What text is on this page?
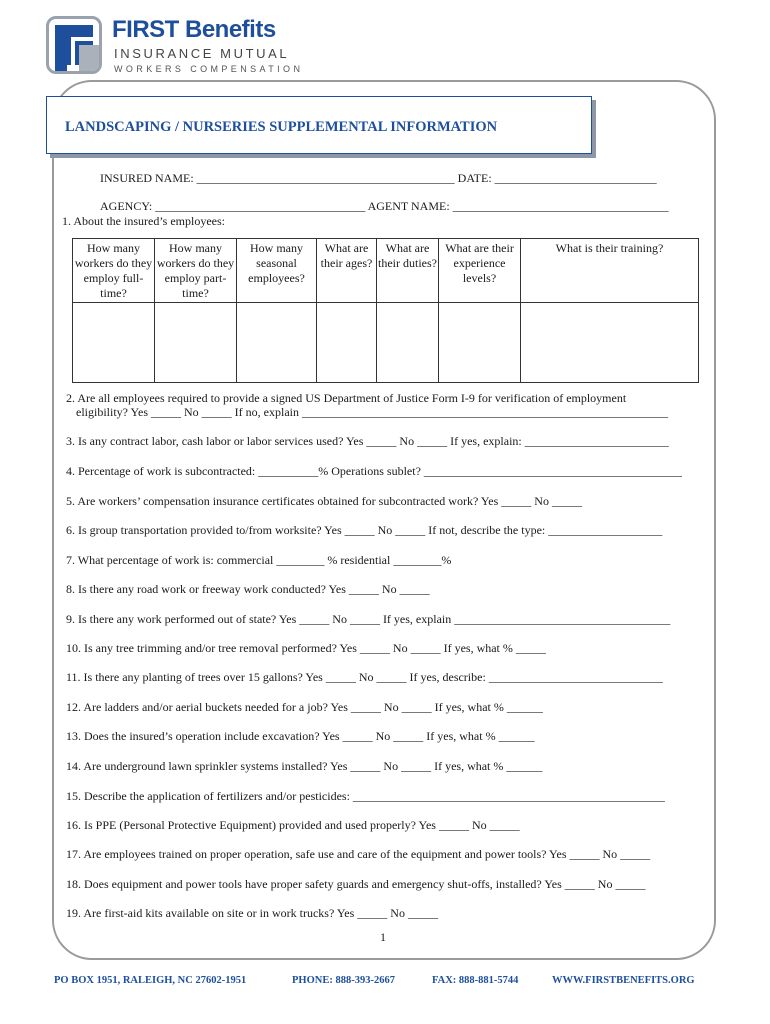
FIRST Benefits
INSURANCE MUTUAL
WORKERS COMPENSATION
LANDSCAPING / NURSERIES SUPPLEMENTAL INFORMATION
INSURED NAME: ___________________________________________ DATE: ___________________________
AGENCY: ___________________________________ AGENT NAME: ____________________________________
1. About the insured’s employees:
How many workers do they employ full-time?	How many workers do they employ part-time?	How many seasonal employees?	What are their ages?	What are their duties?	What are their experience levels?	What is their training?

2. Are all employees required to provide a signed US Department of Justice Form I-9 for verification of employment
eligibility? Yes _____ No _____ If no, explain _____________________________________________________________
3. Is any contract labor, cash labor or labor services used? Yes _____ No _____ If yes, explain: ________________________
4. Percentage of work is subcontracted: __________% Operations sublet? ___________________________________________
5. Are workers’ compensation insurance certificates obtained for subcontracted work? Yes _____ No _____
6. Is group transportation provided to/from worksite? Yes _____ No _____ If not, describe the type: ___________________
7. What percentage of work is: commercial ________ % residential ________%
8. Is there any road work or freeway work conducted? Yes _____ No _____
9. Is there any work performed out of state? Yes _____ No _____ If yes, explain ____________________________________
10. Is any tree trimming and/or tree removal performed? Yes _____ No _____ If yes, what % _____
11. Is there any planting of trees over 15 gallons? Yes _____ No _____ If yes, describe: _____________________________
12. Are ladders and/or aerial buckets needed for a job? Yes _____ No _____ If yes, what % ______
13. Does the insured’s operation include excavation? Yes _____ No _____ If yes, what % ______
14. Are underground lawn sprinkler systems installed? Yes _____ No _____ If yes, what % ______
15. Describe the application of fertilizers and/or pesticides: ____________________________________________________
16. Is PPE (Personal Protective Equipment) provided and used properly? Yes _____ No _____
17. Are employees trained on proper operation, safe use and care of the equipment and power tools? Yes _____ No _____
18. Does equipment and power tools have proper safety guards and emergency shut-offs, installed? Yes _____ No _____
19. Are first-aid kits available on site or in work trucks? Yes _____ No _____
1
PO BOX 1951, RALEIGH, NC 27602-1951	PHONE: 888-393-2667	FAX: 888-881-5744	WWW.FIRSTBENEFITS.ORG
